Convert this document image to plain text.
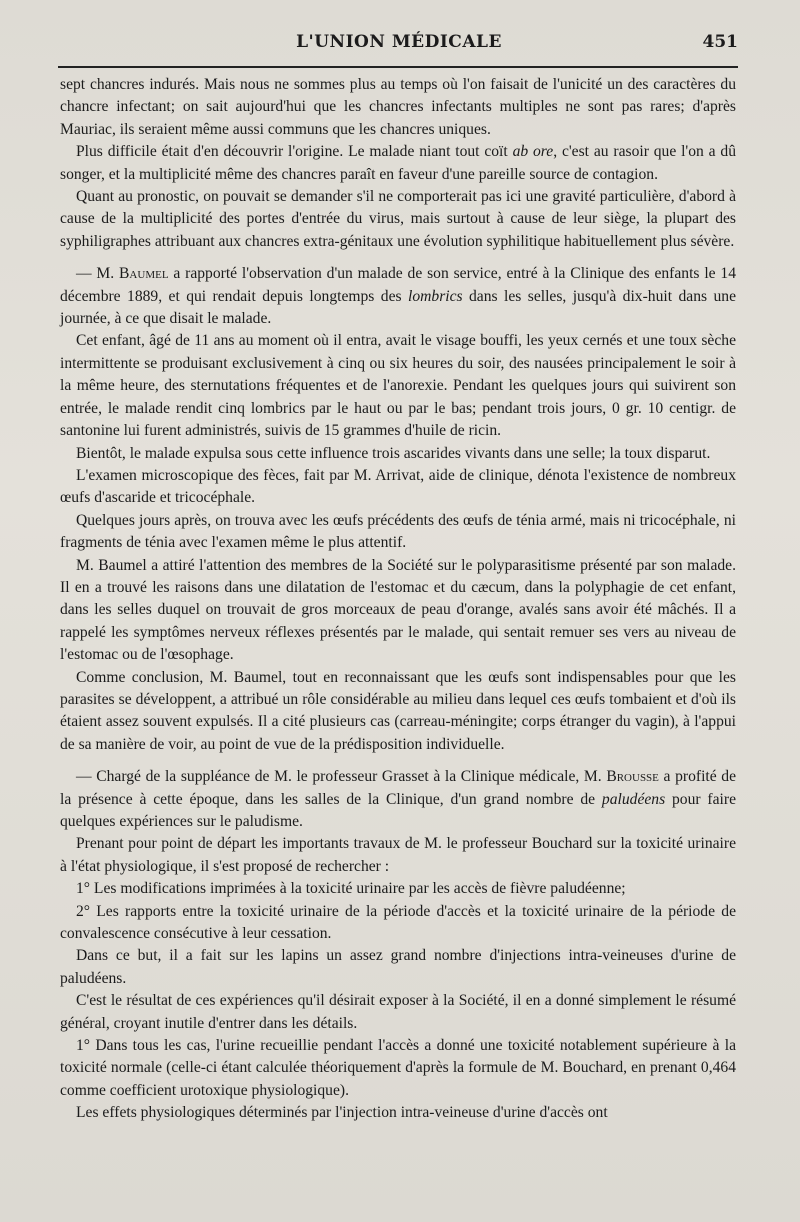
L'UNION MÉDICALE	451

sept chancres indurés. Mais nous ne sommes plus au temps où l'on faisait de l'unicité un des caractères du chancre infectant; on sait aujourd'hui que les chancres infectants multiples ne sont pas rares; d'après Mauriac, ils seraient même aussi communs que les chancres uniques.

Plus difficile était d'en découvrir l'origine. Le malade niant tout coït ab ore, c'est au rasoir que l'on a dû songer, et la multiplicité même des chancres paraît en faveur d'une pareille source de contagion.

Quant au pronostic, on pouvait se demander s'il ne comporterait pas ici une gravité particulière, d'abord à cause de la multiplicité des portes d'entrée du virus, mais surtout à cause de leur siège, la plupart des syphiligraphes attribuant aux chancres extra-génitaux une évolution syphilitique habituellement plus sévère.

— M. Baumel a rapporté l'observation d'un malade de son service, entré à la Clinique des enfants le 14 décembre 1889, et qui rendait depuis longtemps des lombrics dans les selles, jusqu'à dix-huit dans une journée, à ce que disait le malade.

Cet enfant, âgé de 11 ans au moment où il entra, avait le visage bouffi, les yeux cernés et une toux sèche intermittente se produisant exclusivement à cinq ou six heures du soir, des nausées principalement le soir à la même heure, des sternutations fréquentes et de l'anorexie. Pendant les quelques jours qui suivirent son entrée, le malade rendit cinq lombrics par le haut ou par le bas; pendant trois jours, 0 gr. 10 centigr. de santonine lui furent administrés, suivis de 15 grammes d'huile de ricin.

Bientôt, le malade expulsa sous cette influence trois ascarides vivants dans une selle; la toux disparut.

L'examen microscopique des fèces, fait par M. Arrivat, aide de clinique, dénota l'existence de nombreux œufs d'ascaride et tricocéphale.

Quelques jours après, on trouva avec les œufs précédents des œufs de ténia armé, mais ni tricocéphale, ni fragments de ténia avec l'examen même le plus attentif.

M. Baumel a attiré l'attention des membres de la Société sur le polyparasitisme présenté par son malade. Il en a trouvé les raisons dans une dilatation de l'estomac et du cæcum, dans la polyphagie de cet enfant, dans les selles duquel on trouvait de gros morceaux de peau d'orange, avalés sans avoir été mâchés. Il a rappelé les symptômes nerveux réflexes présentés par le malade, qui sentait remuer ses vers au niveau de l'estomac ou de l'œsophage.

Comme conclusion, M. Baumel, tout en reconnaissant que les œufs sont indispensables pour que les parasites se développent, a attribué un rôle considérable au milieu dans lequel ces œufs tombaient et d'où ils étaient assez souvent expulsés. Il a cité plusieurs cas (carreau-méningite; corps étranger du vagin), à l'appui de sa manière de voir, au point de vue de la prédisposition individuelle.

— Chargé de la suppléance de M. le professeur Grasset à la Clinique médicale, M. Brousse a profité de la présence à cette époque, dans les salles de la Clinique, d'un grand nombre de paludéens pour faire quelques expériences sur le paludisme.

Prenant pour point de départ les importants travaux de M. le professeur Bouchard sur la toxicité urinaire à l'état physiologique, il s'est proposé de rechercher :

1° Les modifications imprimées à la toxicité urinaire par les accès de fièvre paludéenne;

2° Les rapports entre la toxicité urinaire de la période d'accès et la toxicité urinaire de la période de convalescence consécutive à leur cessation.

Dans ce but, il a fait sur les lapins un assez grand nombre d'injections intra-veineuses d'urine de paludéens.

C'est le résultat de ces expériences qu'il désirait exposer à la Société, il en a donné simplement le résumé général, croyant inutile d'entrer dans les détails.

1° Dans tous les cas, l'urine recueillie pendant l'accès a donné une toxicité notablement supérieure à la toxicité normale (celle-ci étant calculée théoriquement d'après la formule de M. Bouchard, en prenant 0,464 comme coefficient urotoxique physiologique).

Les effets physiologiques déterminés par l'injection intra-veineuse d'urine d'accès ont
